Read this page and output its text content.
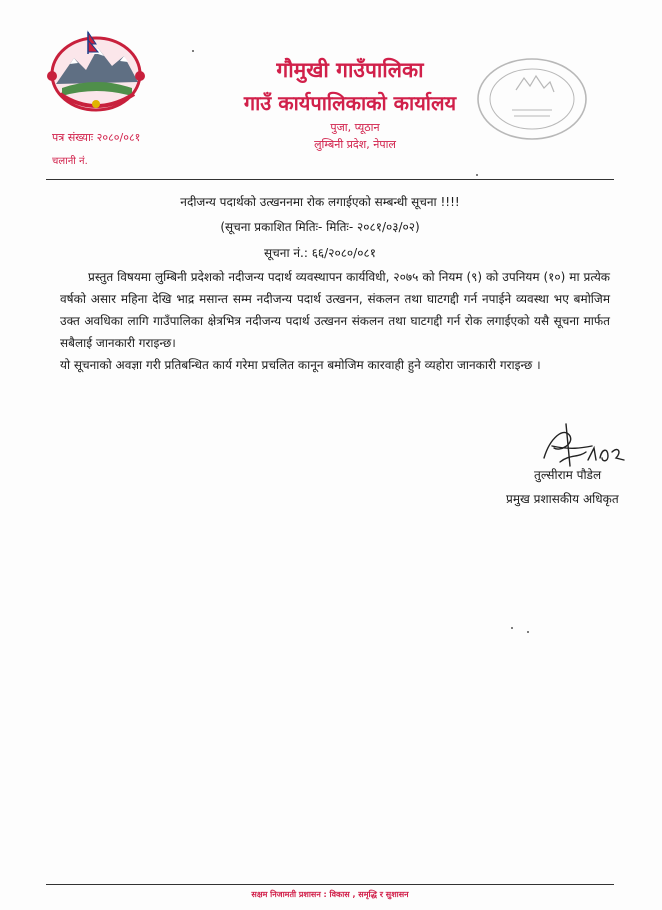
गौमुखी गाउँपालिका
गाउँ कार्यपालिकाको कार्यालय
पुजा, प्यूठान
लुम्बिनी प्रदेश, नेपाल
पत्र संख्याः २०८०/०८१
चलानी नं.
नदीजन्य पदार्थको उत्खननमा रोक लगाईएको सम्बन्धी सूचना !!!!
(सूचना प्रकाशित मितिः- मितिः- २०८१/०३/०२)
सूचना नं.: ६६/२०८०/०८१

प्रस्तुत विषयमा लुम्बिनी प्रदेशको नदीजन्य पदार्थ व्यवस्थापन कार्यविधी, २०७५ को नियम (९) को उपनियम (१०) मा प्रत्येक वर्षको असार महिना देखि भाद्र मसान्त सम्म नदीजन्य पदार्थ उत्खनन, संकलन तथा घाटगद्दी गर्न नपाईने व्यवस्था भए बमोजिम उक्त अवधिका लागि गाउँपालिका क्षेत्रभित्र नदीजन्य पदार्थ उत्खनन संकलन तथा घाटगद्दी गर्न रोक लगाईएको यसै सूचना मार्फत सबैलाई जानकारी गराइन्छ।

यो सूचनाको अवज्ञा गरी प्रतिबन्धित कार्य गरेमा प्रचलित कानून बमोजिम कारवाही हुने व्यहोरा जानकारी गराइन्छ ।

तुल्सीराम पौडेल
प्रमुख प्रशासकीय अधिकृत
सक्षम निजामती प्रशासन : विकास , समृद्धि र सुशासन
